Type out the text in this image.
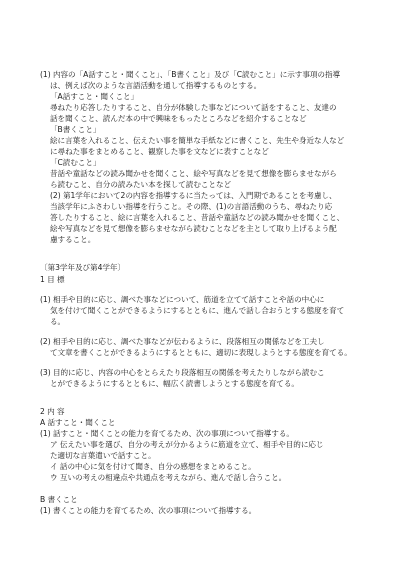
(1) 内容の「A話すこと・聞くこと」、「B書くこと」及び「C読むこと」に示す事項の指導
は、例えば次のような言語活動を通して指導するものとする。
「A話すこと・聞くこと」
尋ねたり応答したりすること、自分が体験した事などについて話をすること、友達の
話を聞くこと、読んだ本の中で興味をもったところなどを紹介することなど
「B書くこと」
絵に言葉を入れること、伝えたい事を簡単な手紙などに書くこと、先生や身近な人など
に尋ねた事をまとめること、観察した事を文などに表すことなど
「C読むこと」
昔話や童話などの読み聞かせを聞くこと、絵や写真などを見て想像を膨らませながら
ら読むこと、自分の読みたい本を探して読むことなど
(2) 第1学年において2の内容を指導するに当たっては、入門期であることを考慮し、
当該学年にふさわしい指導を行うこと。その際、(1)の言語活動のうち、尋ねたり応
答したりすること、絵に言葉を入れること、昔話や童話などの読み聞かせを聞くこと、
絵や写真などを見て想像を膨らませながら読むことなどを主として取り上げるよう配
慮すること。
〔第3学年及び第4学年〕
1 目 標
(1) 相手や目的に応じ、調べた事などについて、筋道を立てて話すことや話の中心に
気を付けて聞くことができるようにするとともに、進んで話し合おうとする態度を育て
る。
(2) 相手や目的に応じ、調べた事などが伝わるように、段落相互の関係などを工夫し
て文章を書くことができるようにするとともに、適切に表現しようとする態度を育てる。
(3) 目的に応じ、内容の中心をとらえたり段落相互の関係を考えたりしながら読むこ
とができるようにするとともに、幅広く読書しようとする態度を育てる。
2 内 容
A 話すこと・聞くこと
(1) 話すこと・聞くことの能力を育てるため、次の事項について指導する。
ア 伝えたい事を選び、自分の考えが分かるように筋道を立て、相手や目的に応じ
た適切な言葉遣いで話すこと。
イ 話の中心に気を付けて聞き、自分の感想をまとめること。
ウ 互いの考えの相違点や共通点を考えながら、進んで話し合うこと。
B 書くこと
(1) 書くことの能力を育てるため、次の事項について指導する。
